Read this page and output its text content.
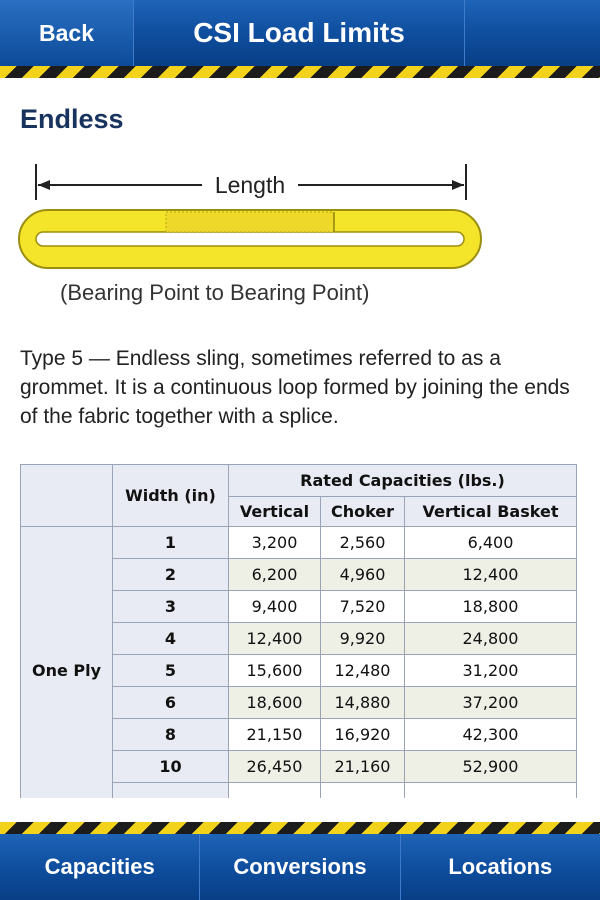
Back	CSI Load Limits
Endless
Length
(Bearing Point to Bearing Point)
Type 5 — Endless sling, sometimes referred to as a grommet. It is a continuous loop formed by joining the ends of the fabric together with a splice.
	Width (in)	Rated Capacities (lbs.)		
		Vertical	Choker	Vertical Basket
One Ply	1	3,200	2,560	6,400
	2	6,200	4,960	12,400
	3	9,400	7,520	18,800
	4	12,400	9,920	24,800
	5	15,600	12,480	31,200
	6	18,600	14,880	37,200
	8	21,150	16,920	42,300
	10	26,450	21,160	52,900

Capacities	Conversions	Locations
